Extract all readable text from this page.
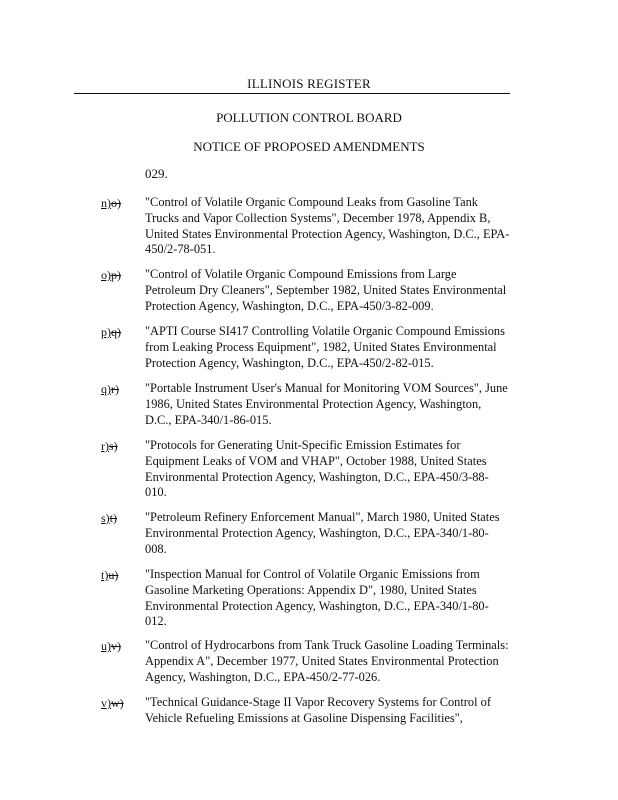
ILLINOIS REGISTER
POLLUTION CONTROL BOARD
NOTICE OF PROPOSED AMENDMENTS
029.
n)o) "Control of Volatile Organic Compound Leaks from Gasoline Tank Trucks and Vapor Collection Systems", December 1978, Appendix B, United States Environmental Protection Agency, Washington, D.C., EPA-450/2-78-051.
o)p) "Control of Volatile Organic Compound Emissions from Large Petroleum Dry Cleaners", September 1982, United States Environmental Protection Agency, Washington, D.C., EPA-450/3-82-009.
p)q) "APTI Course SI417 Controlling Volatile Organic Compound Emissions from Leaking Process Equipment", 1982, United States Environmental Protection Agency, Washington, D.C., EPA-450/2-82-015.
q)r) "Portable Instrument User's Manual for Monitoring VOM Sources", June 1986, United States Environmental Protection Agency, Washington, D.C., EPA-340/1-86-015.
r)s) "Protocols for Generating Unit-Specific Emission Estimates for Equipment Leaks of VOM and VHAP", October 1988, United States Environmental Protection Agency, Washington, D.C., EPA-450/3-88-010.
s)t) "Petroleum Refinery Enforcement Manual", March 1980, United States Environmental Protection Agency, Washington, D.C., EPA-340/1-80-008.
t)u) "Inspection Manual for Control of Volatile Organic Emissions from Gasoline Marketing Operations: Appendix D", 1980, United States Environmental Protection Agency, Washington, D.C., EPA-340/1-80-012.
u)v) "Control of Hydrocarbons from Tank Truck Gasoline Loading Terminals: Appendix A", December 1977, United States Environmental Protection Agency, Washington, D.C., EPA-450/2-77-026.
v)w) "Technical Guidance-Stage II Vapor Recovery Systems for Control of Vehicle Refueling Emissions at Gasoline Dispensing Facilities",
